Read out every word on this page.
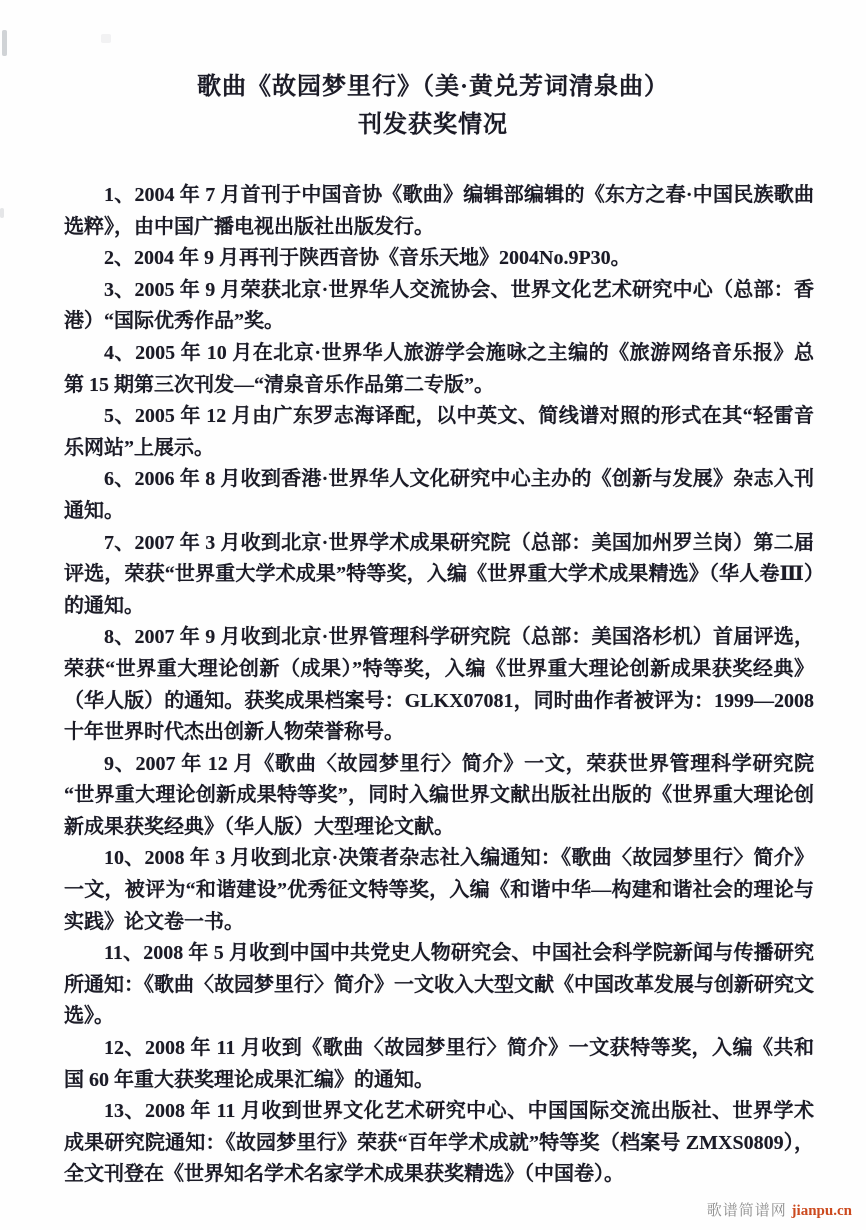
歌曲《故园梦里行》（美·黄兑芳词清泉曲）
刊发获奖情况

1、2004 年 7 月首刊于中国音协《歌曲》编辑部编辑的《东方之春·中国民族歌曲选粹》，由中国广播电视出版社出版发行。

2、2004 年 9 月再刊于陕西音协《音乐天地》2004No.9P30。

3、2005 年 9 月荣获北京·世界华人交流协会、世界文化艺术研究中心（总部：香港）“国际优秀作品”奖。

4、2005 年 10 月在北京·世界华人旅游学会施咏之主编的《旅游网络音乐报》总第 15 期第三次刊发—“清泉音乐作品第二专版”。

5、2005 年 12 月由广东罗志海译配，以中英文、简线谱对照的形式在其“轻雷音乐网站”上展示。

6、2006 年 8 月收到香港·世界华人文化研究中心主办的《创新与发展》杂志入刊通知。

7、2007 年 3 月收到北京·世界学术成果研究院（总部：美国加州罗兰岗）第二届评选，荣获“世界重大学术成果”特等奖，入编《世界重大学术成果精选》（华人卷Ⅲ）的通知。

8、2007 年 9 月收到北京·世界管理科学研究院（总部：美国洛杉机）首届评选，荣获“世界重大理论创新（成果）”特等奖，入编《世界重大理论创新成果获奖经典》（华人版）的通知。获奖成果档案号：GLKX07081，同时曲作者被评为：1999—2008 十年世界时代杰出创新人物荣誉称号。

9、2007 年 12 月《歌曲〈故园梦里行〉简介》一文，荣获世界管理科学研究院“世界重大理论创新成果特等奖”，同时入编世界文献出版社出版的《世界重大理论创新成果获奖经典》（华人版）大型理论文献。

10、2008 年 3 月收到北京·决策者杂志社入编通知：《歌曲〈故园梦里行〉简介》一文，被评为“和谐建设”优秀征文特等奖，入编《和谐中华—构建和谐社会的理论与实践》论文卷一书。

11、2008 年 5 月收到中国中共党史人物研究会、中国社会科学院新闻与传播研究所通知：《歌曲〈故园梦里行〉简介》一文收入大型文献《中国改革发展与创新研究文选》。

12、2008 年 11 月收到《歌曲〈故园梦里行〉简介》一文获特等奖，入编《共和国 60 年重大获奖理论成果汇编》的通知。

13、2008 年 11 月收到世界文化艺术研究中心、中国国际交流出版社、世界学术成果研究院通知：《故园梦里行》荣获“百年学术成就”特等奖（档案号 ZMXS0809），全文刊登在《世界知名学术名家学术成果获奖精选》（中国卷）。

歌谱简谱网 jianpu.cn
